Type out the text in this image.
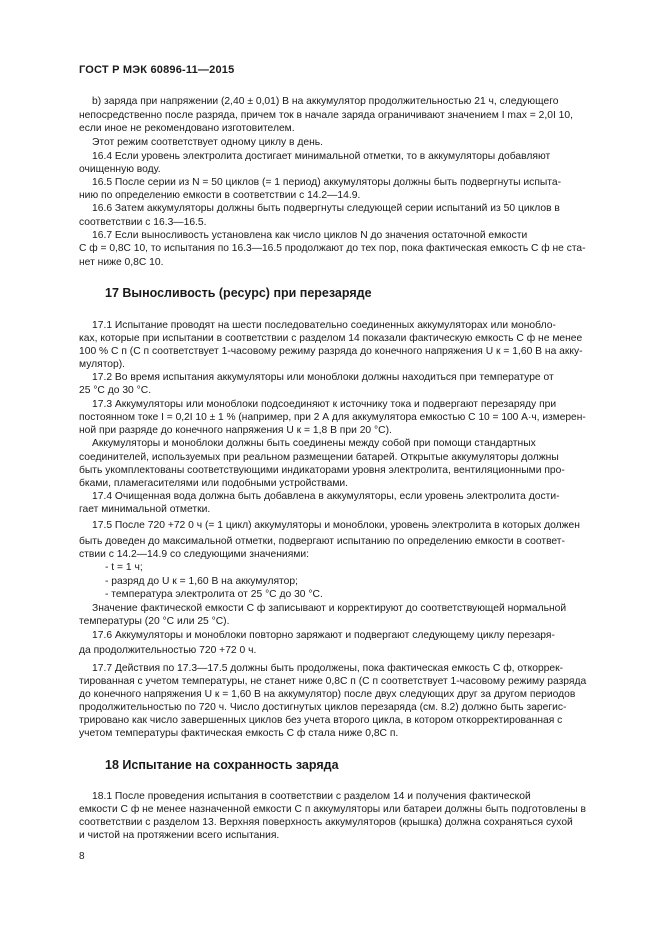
ГОСТ Р МЭК 60896-11—2015
b) заряда при напряжении (2,40 ± 0,01) В на аккумулятор продолжительностью 21 ч, следующего
непосредственно после разряда, причем ток в начале заряда ограничивают значением I max = 2,0I 10,
если иное не рекомендовано изготовителем.
Этот режим соответствует одному циклу в день.
16.4 Если уровень электролита достигает минимальной отметки, то в аккумуляторы добавляют
очищенную воду.
16.5 После серии из N = 50 циклов (= 1 период) аккумуляторы должны быть подвергнуты испыта-
нию по определению емкости в соответствии с 14.2—14.9.
16.6 Затем аккумуляторы должны быть подвергнуты следующей серии испытаний из 50 циклов в
соответствии с 16.3—16.5.
16.7 Если выносливость установлена как число циклов N до значения остаточной емкости
C ф = 0,8C 10, то испытания по 16.3—16.5 продолжают до тех пор, пока фактическая емкость C ф не ста-
нет ниже 0,8C 10.
17 Выносливость (ресурс) при перезаряде
17.1 Испытание проводят на шести последовательно соединенных аккумуляторах или монобло-
ках, которые при испытании в соответствии с разделом 14 показали фактическую емкость C ф не менее
100 % C п (C п соответствует 1-часовому режиму разряда до конечного напряжения U к = 1,60 В на акку-
мулятор).
17.2 Во время испытания аккумуляторы или моноблоки должны находиться при температуре от
25 °С до 30 °С.
17.3 Аккумуляторы или моноблоки подсоединяют к источнику тока и подвергают перезаряду при
постоянном токе I = 0,2I 10 ± 1 % (например, при 2 А для аккумулятора емкостью C 10 = 100 А·ч, измерен-
ной при разряде до конечного напряжения U к = 1,8 В при 20 °С).
Аккумуляторы и моноблоки должны быть соединены между собой при помощи стандартных
соединителей, используемых при реальном размещении батарей. Открытые аккумуляторы должны
быть укомплектованы соответствующими индикаторами уровня электролита, вентиляционными про-
бками, пламегасителями или подобными устройствами.
17.4 Очищенная вода должна быть добавлена в аккумуляторы, если уровень электролита дости-
гает минимальной отметки.
17.5 После 720 +72 0 ч (= 1 цикл) аккумуляторы и моноблоки, уровень электролита в которых должен
быть доведен до максимальной отметки, подвергают испытанию по определению емкости в соответ-
ствии с 14.2—14.9 со следующими значениями:
- t = 1 ч;
- разряд до U к = 1,60 В на аккумулятор;
- температура электролита от 25 °С до 30 °С.
Значение фактической емкости C ф записывают и корректируют до соответствующей нормальной
температуры (20 °С или 25 °С).
17.6 Аккумуляторы и моноблоки повторно заряжают и подвергают следующему циклу перезаря-
да продолжительностью 720 +72 0 ч.
17.7 Действия по 17.3—17.5 должны быть продолжены, пока фактическая емкость C ф, откоррек-
тированная с учетом температуры, не станет ниже 0,8C п (C п соответствует 1-часовому режиму разряда
до конечного напряжения U к = 1,60 В на аккумулятор) после двух следующих друг за другом периодов
продолжительностью по 720 ч. Число достигнутых циклов перезаряда (см. 8.2) должно быть зарегис-
трировано как число завершенных циклов без учета второго цикла, в котором откорректированная с
учетом температуры фактическая емкость C ф стала ниже 0,8C п.
18 Испытание на сохранность заряда
18.1 После проведения испытания в соответствии с разделом 14 и получения фактической
емкости C ф не менее назначенной емкости C п аккумуляторы или батареи должны быть подготовлены в
соответствии с разделом 13. Верхняя поверхность аккумуляторов (крышка) должна сохраняться сухой
и чистой на протяжении всего испытания.
8
